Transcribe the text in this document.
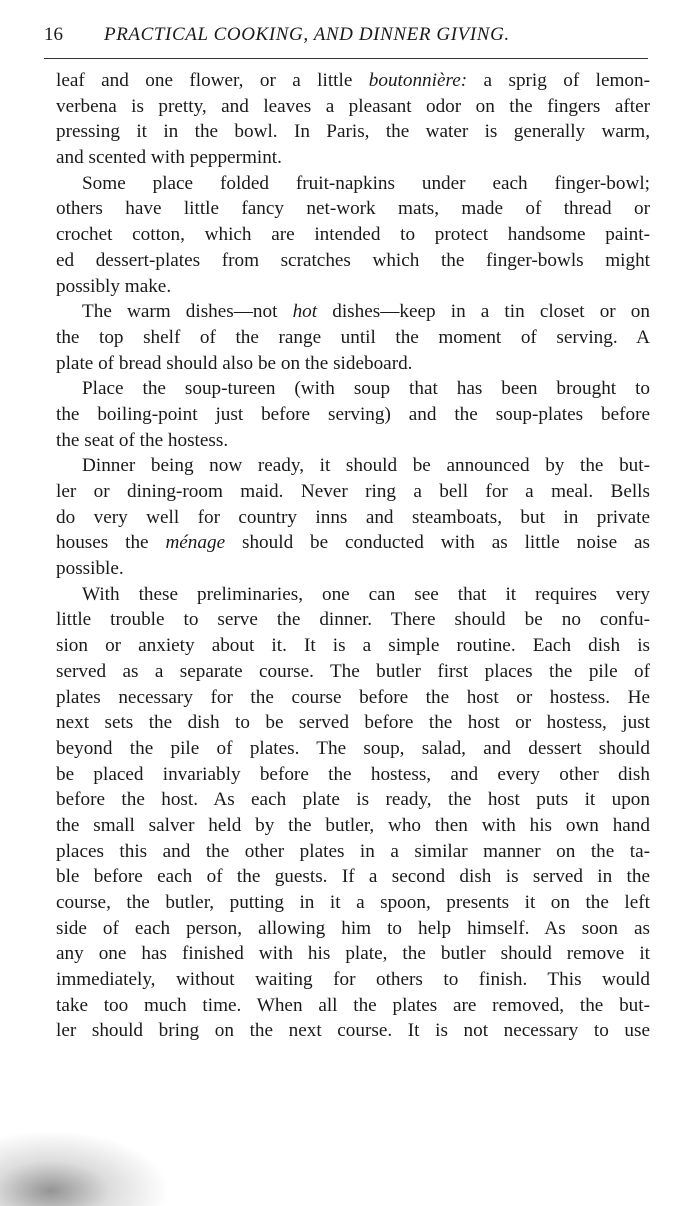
16 PRACTICAL COOKING, AND DINNER GIVING.
leaf and one flower, or a little boutonnière: a sprig of lemon-
verbena is pretty, and leaves a pleasant odor on the fingers after
pressing it in the bowl. In Paris, the water is generally warm,
and scented with peppermint.
Some place folded fruit-napkins under each finger-bowl;
others have little fancy net-work mats, made of thread or
crochet cotton, which are intended to protect handsome paint-
ed dessert-plates from scratches which the finger-bowls might
possibly make.
The warm dishes—not hot dishes—keep in a tin closet or on
the top shelf of the range until the moment of serving. A
plate of bread should also be on the sideboard.
Place the soup-tureen (with soup that has been brought to
the boiling-point just before serving) and the soup-plates before
the seat of the hostess.
Dinner being now ready, it should be announced by the but-
ler or dining-room maid. Never ring a bell for a meal. Bells
do very well for country inns and steamboats, but in private
houses the ménage should be conducted with as little noise as
possible.
With these preliminaries, one can see that it requires very
little trouble to serve the dinner. There should be no confu-
sion or anxiety about it. It is a simple routine. Each dish is
served as a separate course. The butler first places the pile of
plates necessary for the course before the host or hostess. He
next sets the dish to be served before the host or hostess, just
beyond the pile of plates. The soup, salad, and dessert should
be placed invariably before the hostess, and every other dish
before the host. As each plate is ready, the host puts it upon
the small salver held by the butler, who then with his own hand
places this and the other plates in a similar manner on the ta-
ble before each of the guests. If a second dish is served in the
course, the butler, putting in it a spoon, presents it on the left
side of each person, allowing him to help himself. As soon as
any one has finished with his plate, the butler should remove it
immediately, without waiting for others to finish. This would
take too much time. When all the plates are removed, the but-
ler should bring on the next course. It is not necessary to use
